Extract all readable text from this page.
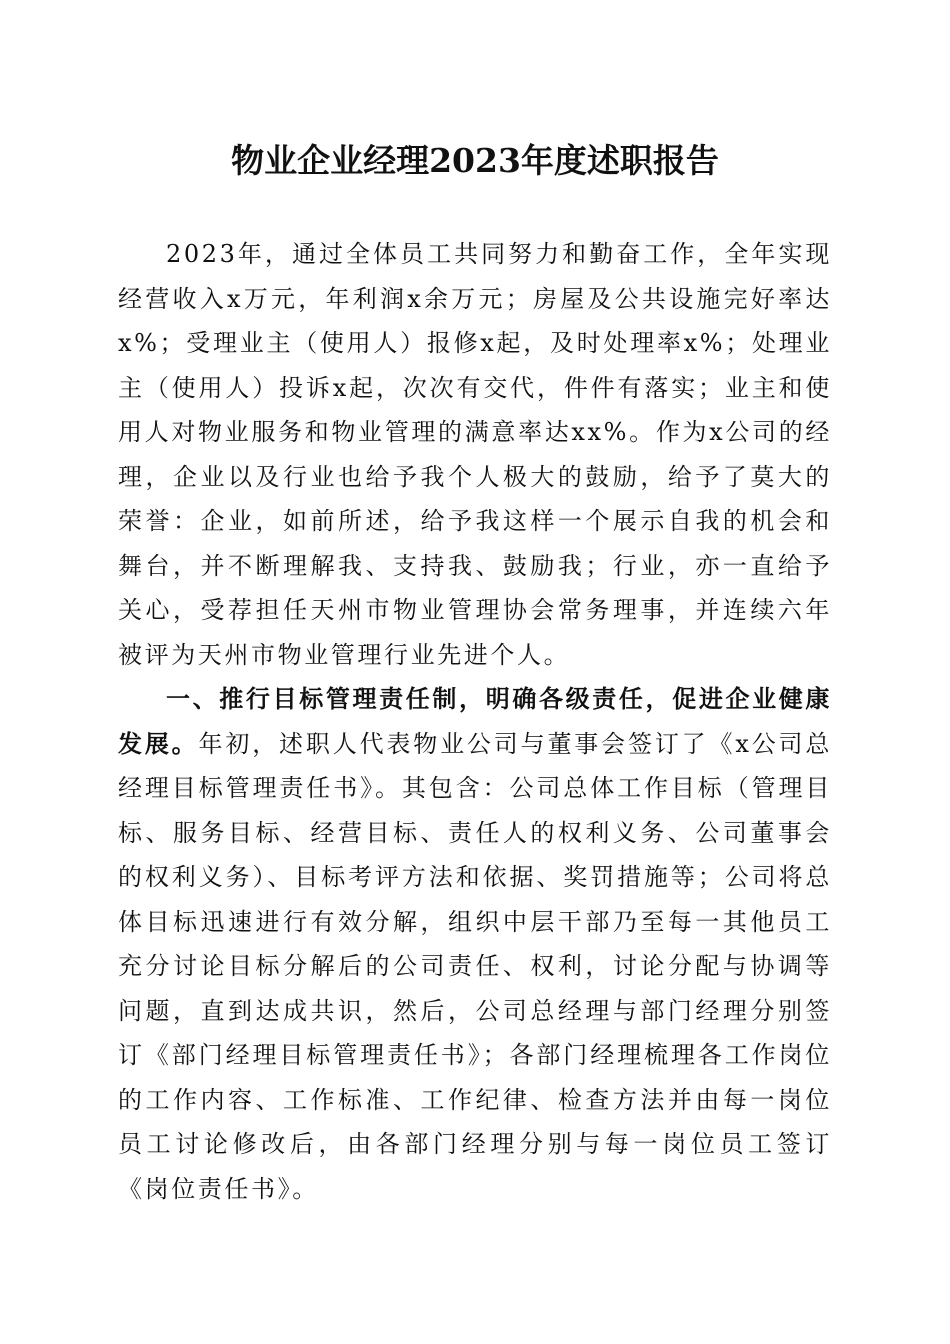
物业企业经理2023年度述职报告

2023年，通过全体员工共同努力和勤奋工作，全年实现经营收入x万元，年利润x余万元；房屋及公共设施完好率达x%；受理业主（使用人）报修x起，及时处理率x%；处理业主（使用人）投诉x起，次次有交代，件件有落实；业主和使用人对物业服务和物业管理的满意率达xx%。作为x公司的经理，企业以及行业也给予我个人极大的鼓励，给予了莫大的荣誉：企业，如前所述，给予我这样一个展示自我的机会和舞台，并不断理解我、支持我、鼓励我；行业，亦一直给予关心，受荐担任天州市物业管理协会常务理事，并连续六年被评为天州市物业管理行业先进个人。

一、推行目标管理责任制，明确各级责任，促进企业健康发展。年初，述职人代表物业公司与董事会签订了《x公司总经理目标管理责任书》。其包含：公司总体工作目标（管理目标、服务目标、经营目标、责任人的权利义务、公司董事会的权利义务）、目标考评方法和依据、奖罚措施等；公司将总体目标迅速进行有效分解，组织中层干部乃至每一其他员工充分讨论目标分解后的公司责任、权利，讨论分配与协调等问题，直到达成共识，然后，公司总经理与部门经理分别签订《部门经理目标管理责任书》；各部门经理梳理各工作岗位的工作内容、工作标准、工作纪律、检查方法并由每一岗位员工讨论修改后，由各部门经理分别与每一岗位员工签订《岗位责任书》。
